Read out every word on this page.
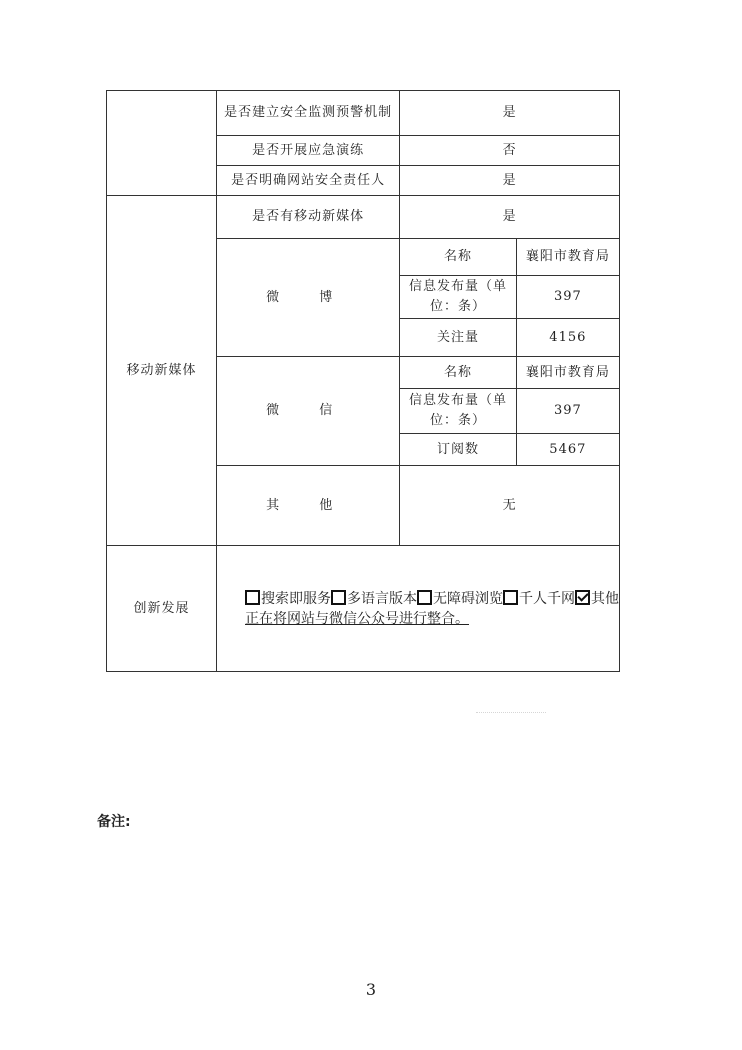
	是否建立安全监测预警机制	是	
	是否开展应急演练	否	
	是否明确网站安全责任人	是	
移动新媒体	是否有移动新媒体	是	
	微 博	名称	襄阳市教育局
		信息发布量（单位：条）	397
		关注量	4156
	微 信	名称	襄阳市教育局
		信息发布量（单位：条）	397
		订阅数	5467
	其 他	无	
创新发展	搜索即服务 多语言版本 无障碍浏览 千人千网 其他
正在将网站与微信公众号进行整合。		
备注:
3
